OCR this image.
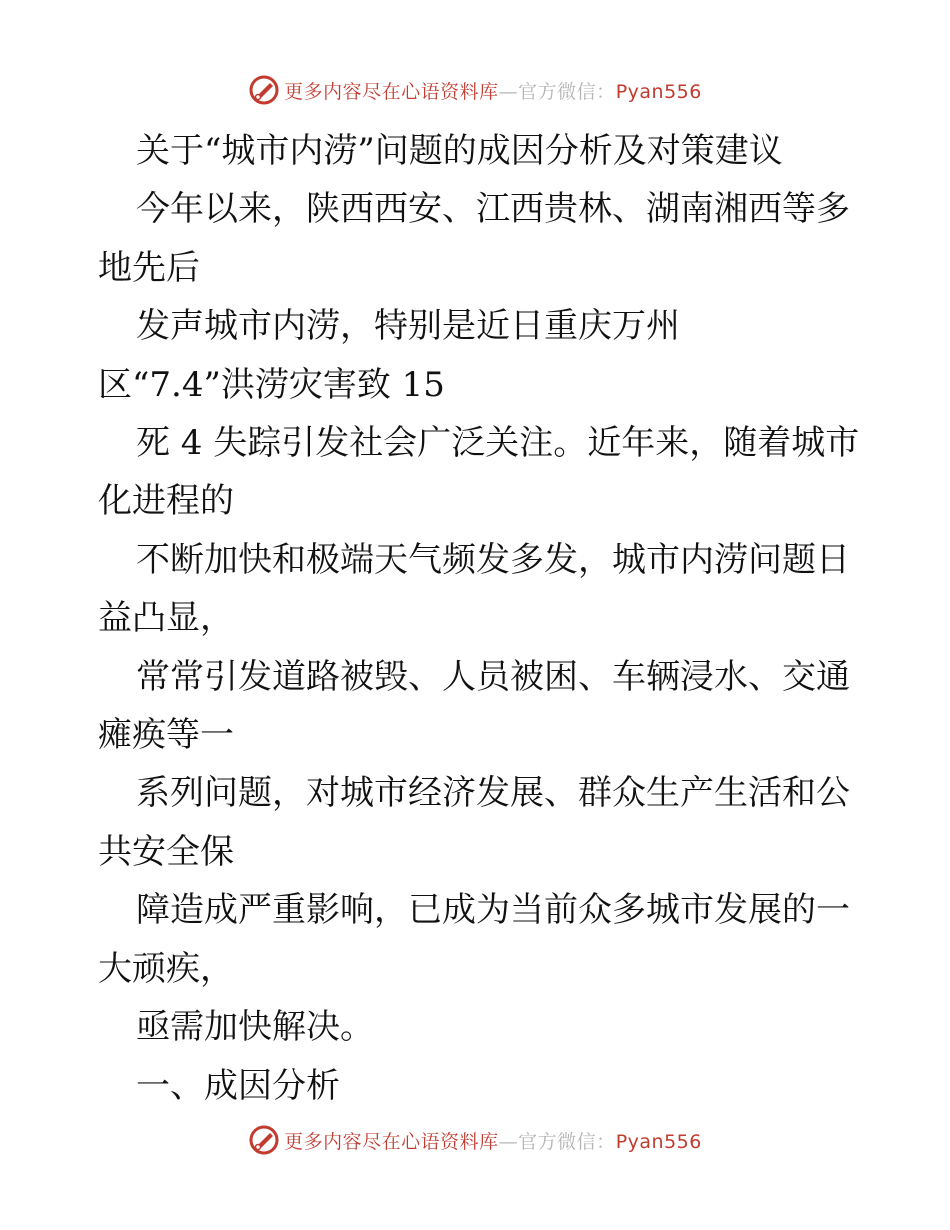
更多内容尽在心语资料库—官方微信：Pyan556

关于“城市内涝”问题的成因分析及对策建议

今年以来，陕西西安、江西贵林、湖南湘西等多

地先后

发声城市内涝，特别是近日重庆万州

区“7.4”洪涝灾害致 15

死 4 失踪引发社会广泛关注。近年来，随着城市

化进程的

不断加快和极端天气频发多发，城市内涝问题日

益凸显，

常常引发道路被毁、人员被困、车辆浸水、交通

瘫痪等一

系列问题，对城市经济发展、群众生产生活和公

共安全保

障造成严重影响，已成为当前众多城市发展的一

大顽疾，

亟需加快解决。

一、成因分析

更多内容尽在心语资料库—官方微信：Pyan556
